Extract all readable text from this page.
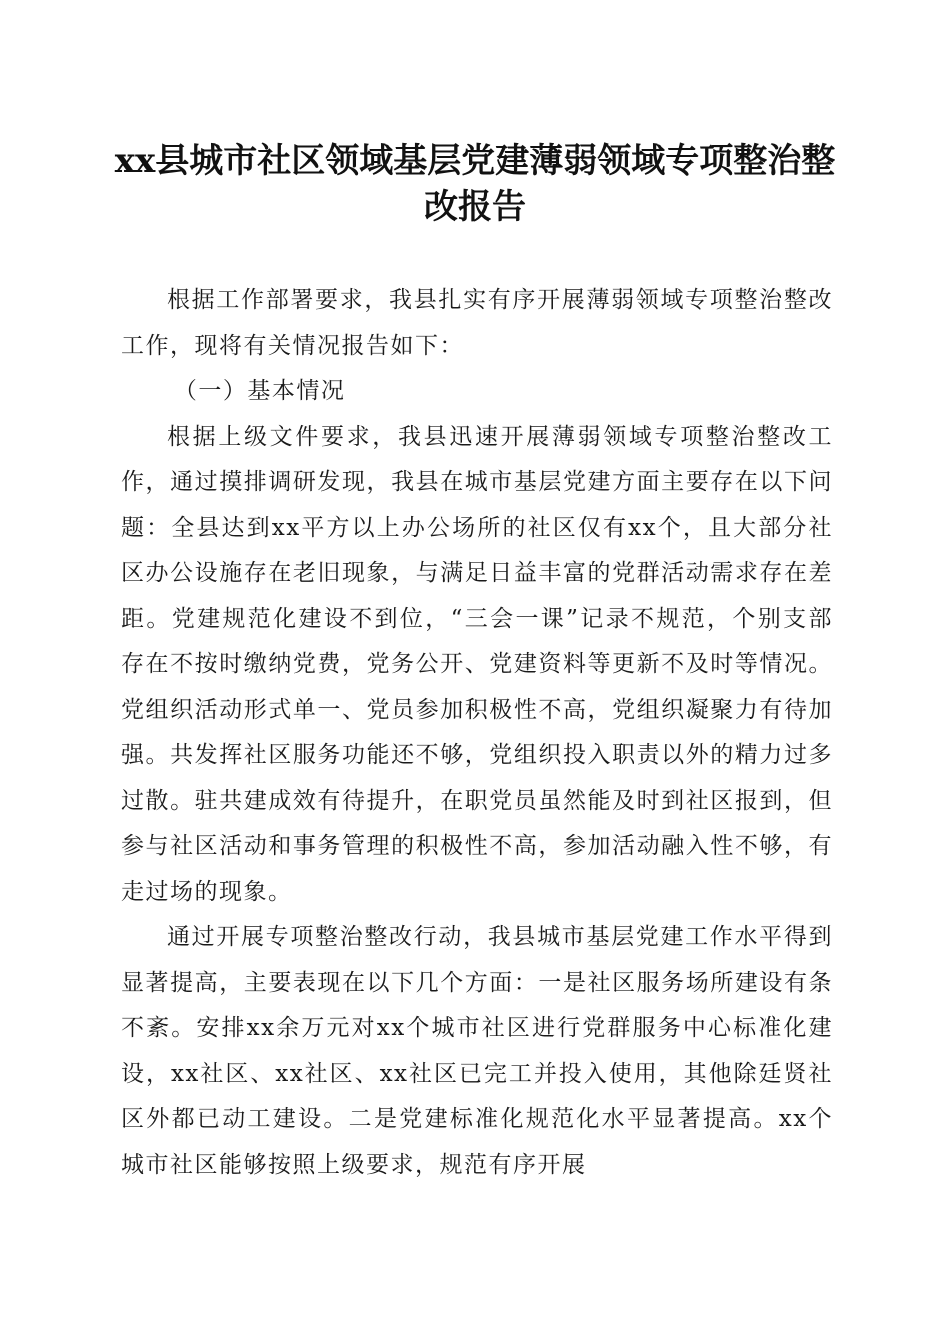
xx县城市社区领域基层党建薄弱领域专项整治整改报告

根据工作部署要求，我县扎实有序开展薄弱领域专项整治整改工作，现将有关情况报告如下：

（一）基本情况

根据上级文件要求，我县迅速开展薄弱领域专项整治整改工作，通过摸排调研发现，我县在城市基层党建方面主要存在以下问题：全县达到xx平方以上办公场所的社区仅有xx个，且大部分社区办公设施存在老旧现象，与满足日益丰富的党群活动需求存在差距。党建规范化建设不到位，“三会一课”记录不规范，个别支部存在不按时缴纳党费，党务公开、党建资料等更新不及时等情况。党组织活动形式单一、党员参加积极性不高，党组织凝聚力有待加强。共发挥社区服务功能还不够，党组织投入职责以外的精力过多过散。驻共建成效有待提升，在职党员虽然能及时到社区报到，但参与社区活动和事务管理的积极性不高，参加活动融入性不够，有走过场的现象。

通过开展专项整治整改行动，我县城市基层党建工作水平得到显著提高，主要表现在以下几个方面：一是社区服务场所建设有条不紊。安排xx余万元对xx个城市社区进行党群服务中心标准化建设，xx社区、xx社区、xx社区已完工并投入使用，其他除廷贤社区外都已动工建设。二是党建标准化规范化水平显著提高。xx个城市社区能够按照上级要求，规范有序开展
